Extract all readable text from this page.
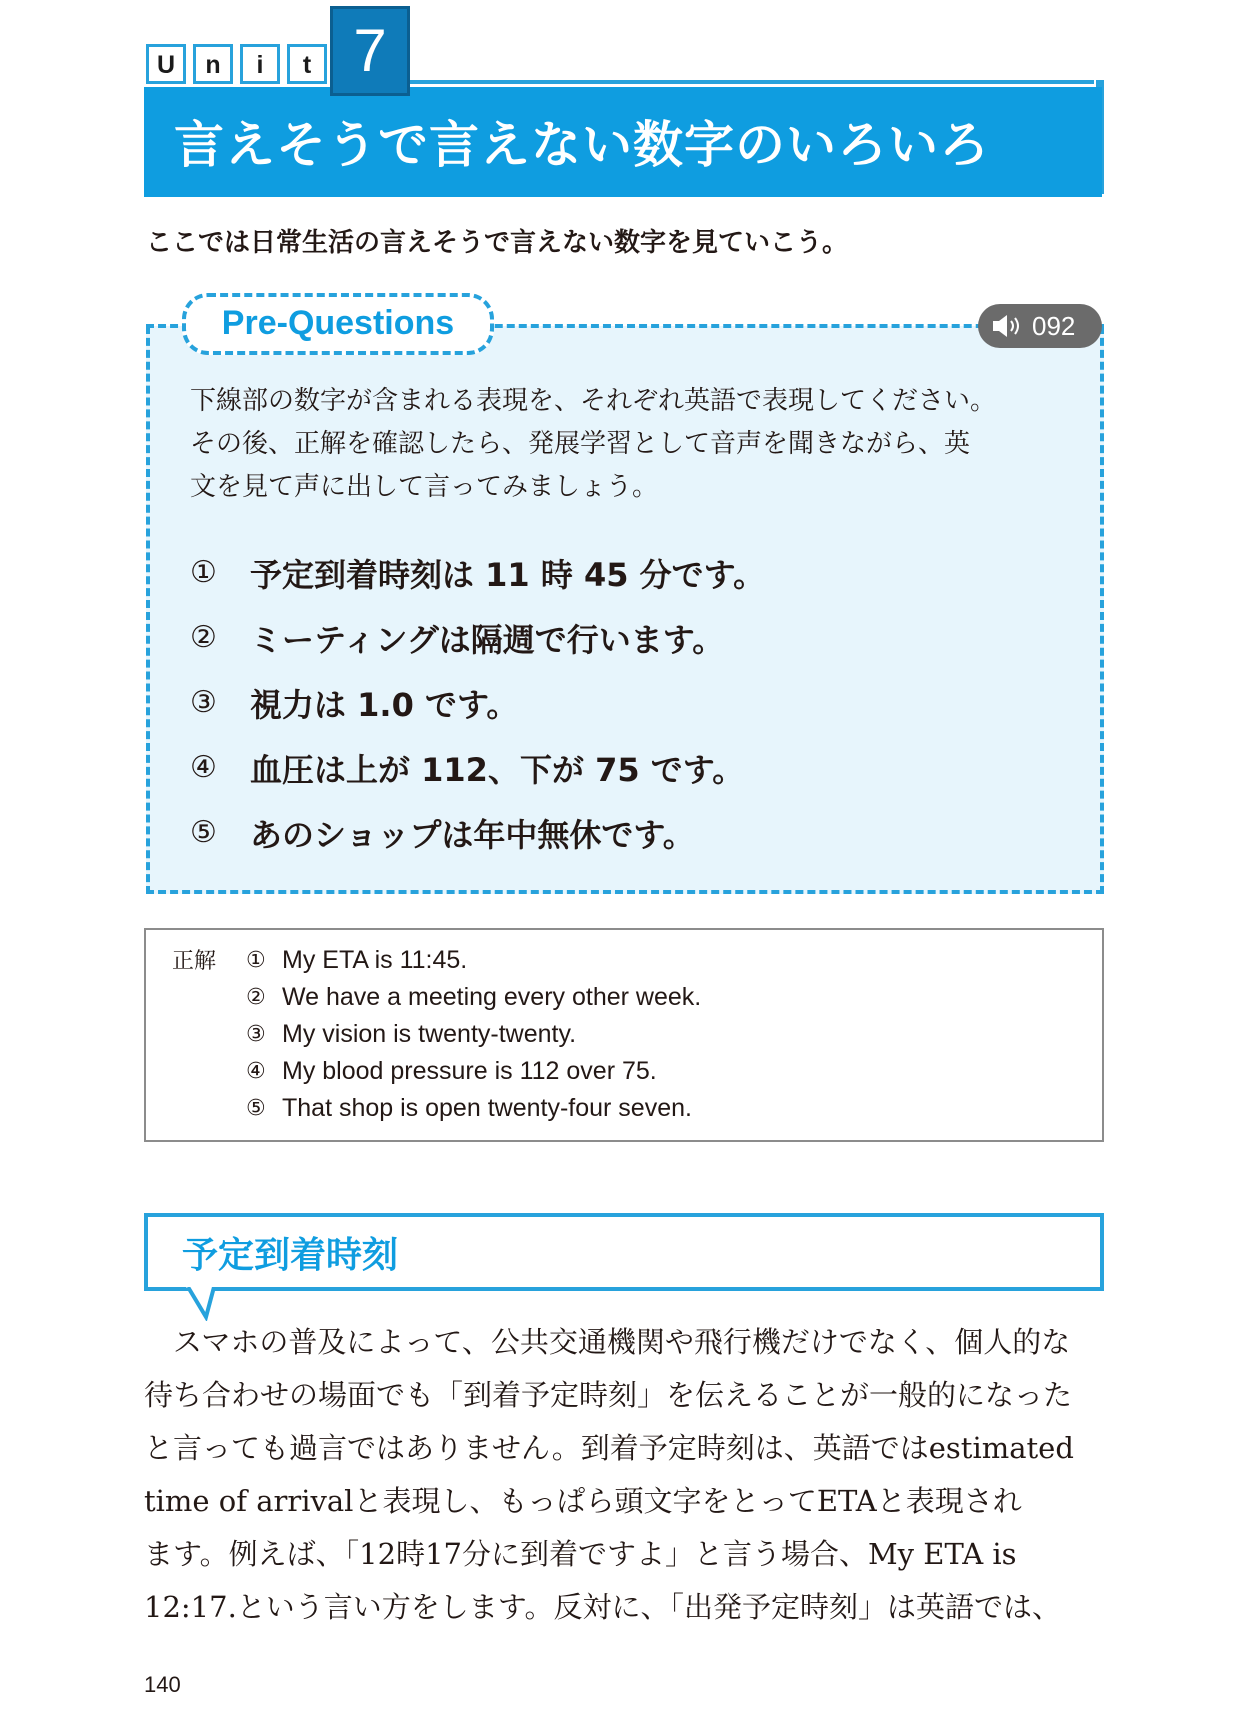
U	n	i	t
言えそうで言えない数字のいろいろ
7
ここでは日常生活の言えそうで言えない数字を見ていこう。
Pre-Questions	092
下線部の数字が含まれる表現を、それぞれ英語で表現してください。
その後、正解を確認したら、発展学習として音声を聞きながら、英
文を見て声に出して言ってみましょう。
①	予定到着時刻は 11 時 45 分です。
②	ミーティングは隔週で行います。
③	視力は 1.0 です。
④	血圧は上が 112、下が 75 です。
⑤	あのショップは年中無休です。
正解 ① My ETA is 11:45.
② We have a meeting every other week.
③ My vision is twenty-twenty.
④ My blood pressure is 112 over 75.
⑤ That shop is open twenty-four seven.
予定到着時刻
　スマホの普及によって、公共交通機関や飛行機だけでなく、個人的な
待ち合わせの場面でも「到着予定時刻」を伝えることが一般的になった
と言っても過言ではありません。到着予定時刻は、英語ではestimated
time of arrivalと表現し、もっぱら頭文字をとってETAと表現され
ます。例えば、「12時17分に到着ですよ」と言う場合、My ETA is
12:17.という言い方をします。反対に、「出発予定時刻」は英語では、
140
